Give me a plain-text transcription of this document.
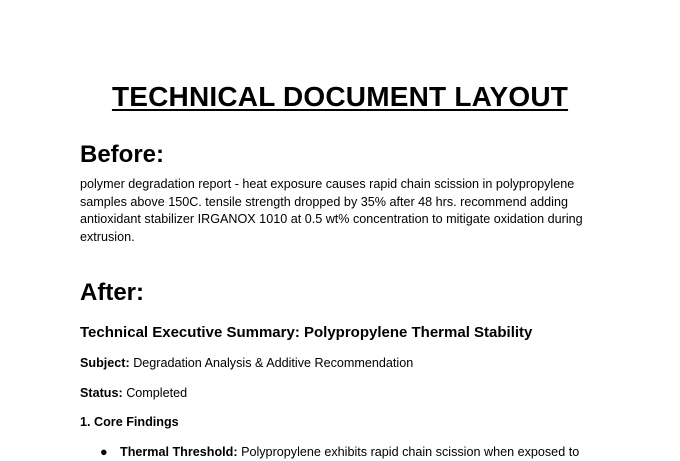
TECHNICAL DOCUMENT LAYOUT
Before:
polymer degradation report - heat exposure causes rapid chain scission in polypropylene samples above 150C. tensile strength dropped by 35% after 48 hrs. recommend adding antioxidant stabilizer IRGANOX 1010 at 0.5 wt% concentration to mitigate oxidation during extrusion.
After:
Technical Executive Summary: Polypropylene Thermal Stability
Subject: Degradation Analysis & Additive Recommendation
Status: Completed
1. Core Findings
● Thermal Threshold: Polypropylene exhibits rapid chain scission when exposed to
